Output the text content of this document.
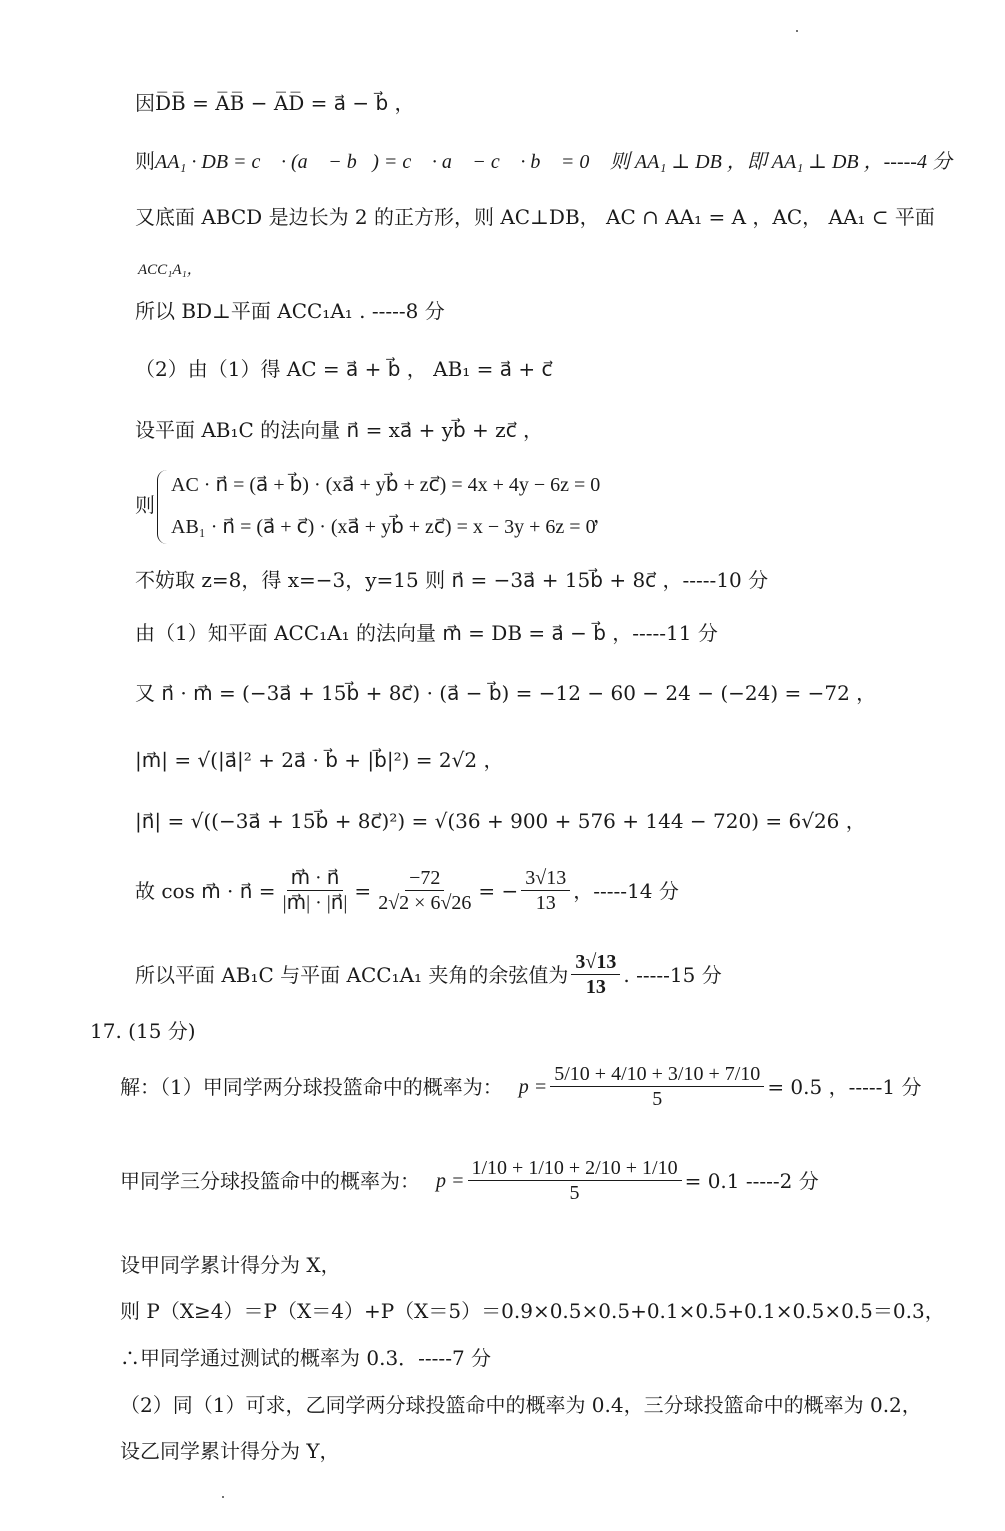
因D̅B̅ = A̅B̅ − A̅D̅ = a⃗ − b⃗ ，
则AA₁ · DB = c⃗ · (a⃗ − b⃗) = c⃗ · a⃗ − c⃗ · b⃗ = 0 ，则 AA₁ ⊥ DB ，即 AA₁ ⊥ DB ，-----4 分
又底面 ABCD 是边长为 2 的正方形，则 AC⊥DB， AC ∩ AA₁ = A ，AC， AA₁ ⊂ 平面
ACC₁A₁，
所以 BD⊥平面 ACC₁A₁ . -----8 分
（2）由（1）得 AC = a⃗ + b⃗ ， AB₁ = a⃗ + c⃗
设平面 AB₁C 的法向量 n⃗ = xa⃗ + yb⃗ + zc⃗ ，
则
AC · n⃗ = (a⃗ + b⃗) · (xa⃗ + yb⃗ + zc⃗) = 4x + 4y − 6z = 0
AB₁ · n⃗ = (a⃗ + c⃗) · (xa⃗ + yb⃗ + zc⃗) = x − 3y + 6z = 0
，
不妨取 z=8，得 x=−3，y=15 则 n⃗ = −3a⃗ + 15b⃗ + 8c⃗ ，-----10 分
由（1）知平面 ACC₁A₁ 的法向量 m⃗ = DB = a⃗ − b⃗ ，-----11 分
又 n⃗ · m⃗ = (−3a⃗ + 15b⃗ + 8c⃗) · (a⃗ − b⃗) = −12 − 60 − 24 − (−24) = −72 ，
|m⃗| = √(|a⃗|² + 2a⃗ · b⃗ + |b⃗|²) = 2√2 ，
|n⃗| = √((−3a⃗ + 15b⃗ + 8c⃗)²) = √(36 + 900 + 576 + 144 − 720) = 6√26 ，
故 cos m⃗ · n⃗ = $\frac{m⃗ \cdot n⃗}{|m⃗| \cdot |n⃗|} = \frac{-72}{2√2 \times 6√26}$ = − $\frac{3√13}{13}$ ，-----14 分
所以平面 AB₁C 与平面 ACC₁A₁ 夹角的余弦值为 $\frac{3√13}{13}$ . -----15 分
17. (15 分)
解：（1）甲同学两分球投篮命中的概率为： $p = \frac{5/10 + 4/10 + 3/10 + 7/10}{5} = 0.5$ ，-----1 分
甲同学三分球投篮命中的概率为： $p = \frac{1/10 + 1/10 + 2/10 + 1/10}{5} = 0.1$ -----2 分
设甲同学累计得分为 X，
则 P（X≥4）＝P（X＝4）+P（X＝5）＝0.9×0.5×0.5+0.1×0.5+0.1×0.5×0.5＝0.3，
∴甲同学通过测试的概率为 0.3．-----7 分
（2）同（1）可求，乙同学两分球投篮命中的概率为 0.4，三分球投篮命中的概率为 0.2，
设乙同学累计得分为 Y，
